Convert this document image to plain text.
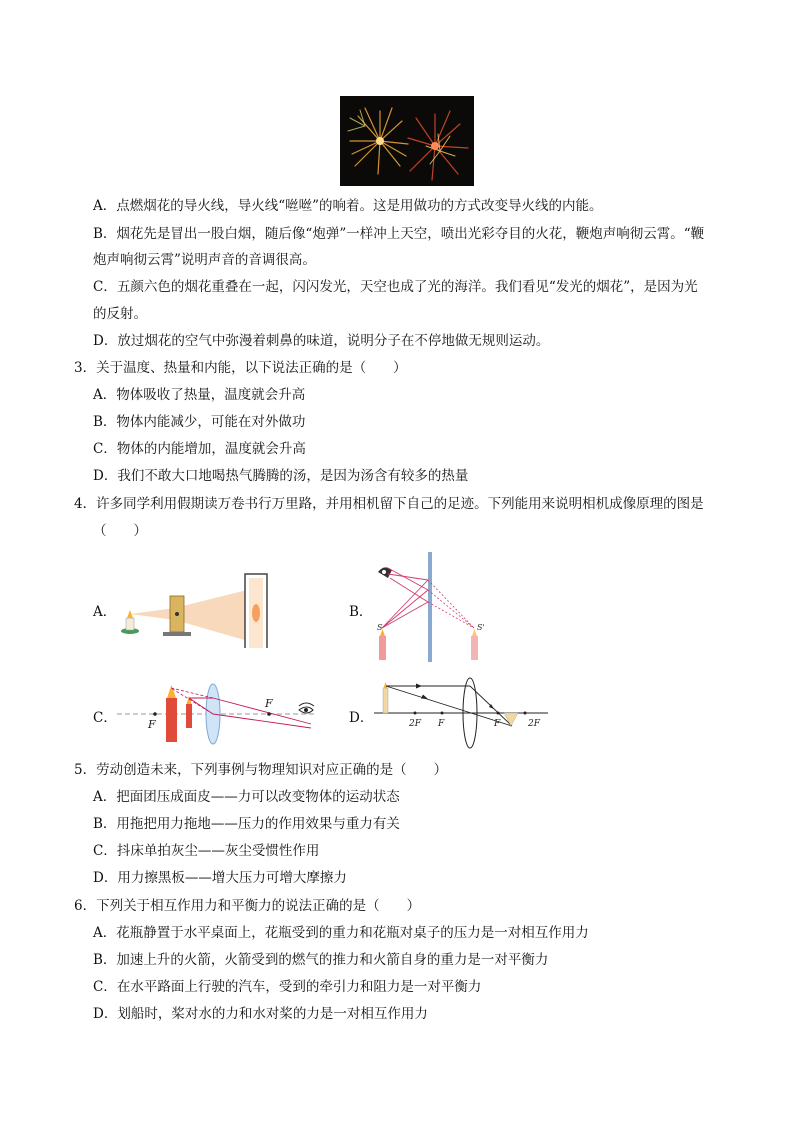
A．点燃烟花的导火线，导火线“咝咝”的响着。这是用做功的方式改变导火线的内能。
B．烟花先是冒出一股白烟，随后像“炮弹”一样冲上天空，喷出光彩夺目的火花，鞭炮声响彻云霄。“鞭
炮声响彻云霄”说明声音的音调很高。
C．五颜六色的烟花重叠在一起，闪闪发光，天空也成了光的海洋。我们看见“发光的烟花”，是因为光
的反射。
D．放过烟花的空气中弥漫着刺鼻的味道，说明分子在不停地做无规则运动。
3．关于温度、热量和内能，以下说法正确的是（　　）
A．物体吸收了热量，温度就会升高
B．物体内能减少，可能在对外做功
C．物体的内能增加，温度就会升高
D．我们不敢大口地喝热气腾腾的汤，是因为汤含有较多的热量
4．许多同学利用假期读万卷书行万里路，并用相机留下自己的足迹。下列能用来说明相机成像原理的图是
（　　）
A．	B．
S	S'
C．	F
F
D．	2F F	F	2F
5．劳动创造未来，下列事例与物理知识对应正确的是（　　）
A．把面团压成面皮——力可以改变物体的运动状态
B．用拖把用力拖地——压力的作用效果与重力有关
C．抖床单拍灰尘——灰尘受惯性作用
D．用力擦黑板——增大压力可增大摩擦力
6．下列关于相互作用力和平衡力的说法正确的是（　　）
A．花瓶静置于水平桌面上，花瓶受到的重力和花瓶对桌子的压力是一对相互作用力
B．加速上升的火箭，火箭受到的燃气的推力和火箭自身的重力是一对平衡力
C．在水平路面上行驶的汽车，受到的牵引力和阻力是一对平衡力
D．划船时，桨对水的力和水对桨的力是一对相互作用力
